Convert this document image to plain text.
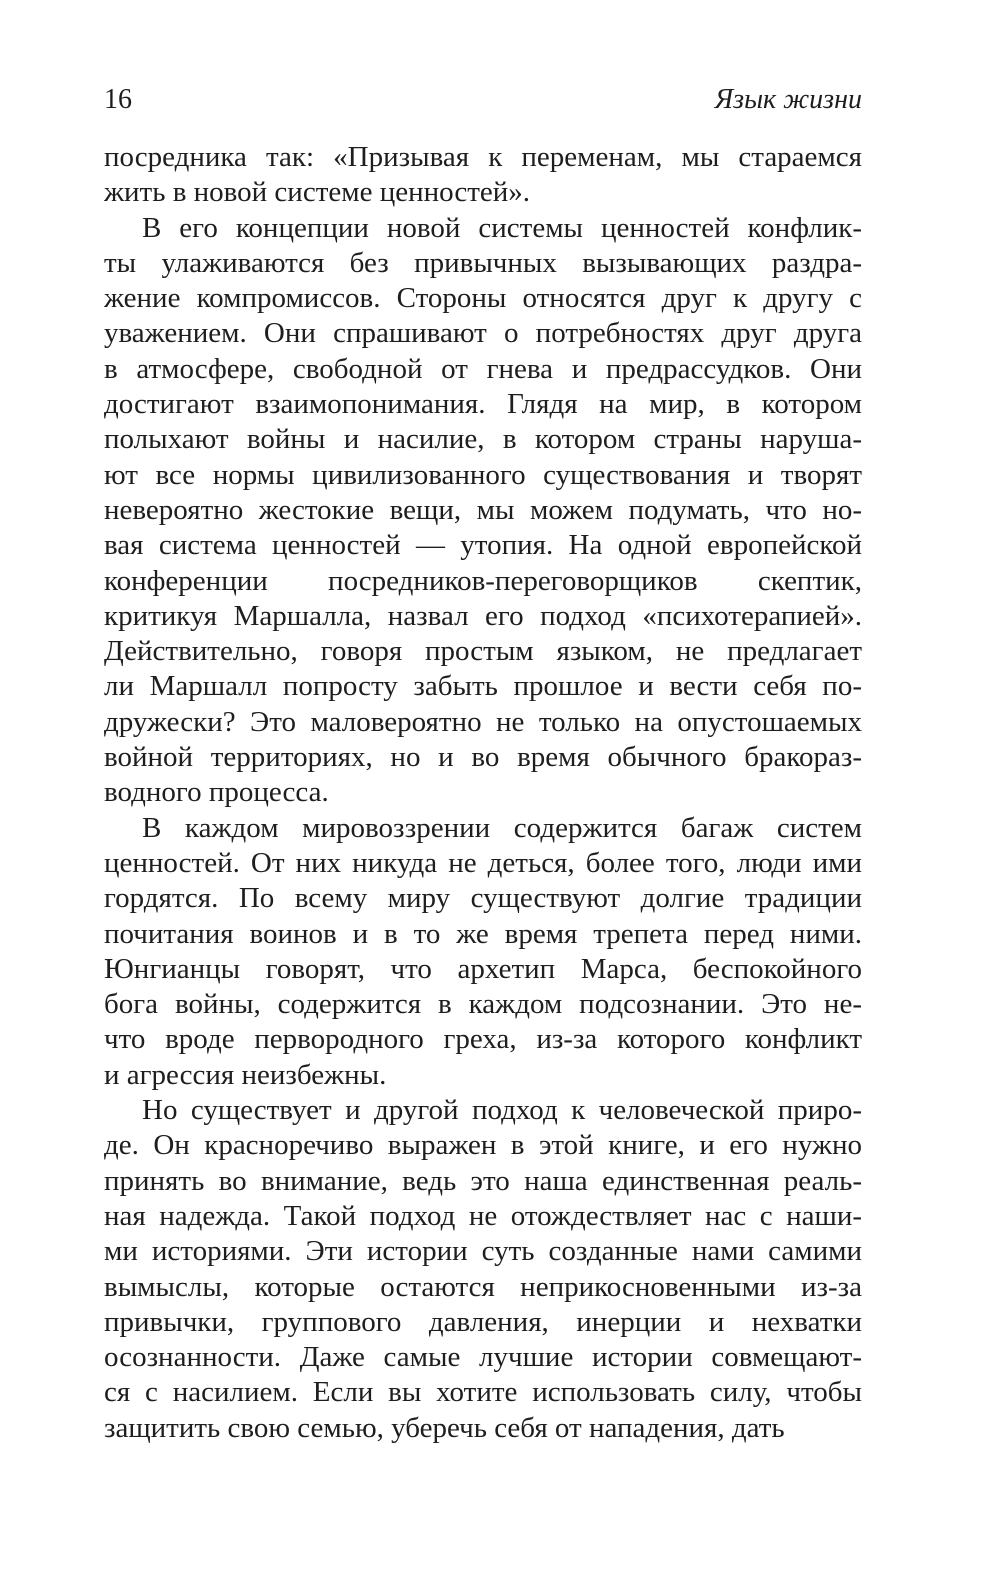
16	Язык жизни
посредника так: «Призывая к переменам, мы стараемся
жить в новой системе ценностей».
В его концепции новой системы ценностей конфлик-
ты улаживаются без привычных вызывающих раздра-
жение компромиссов. Стороны относятся друг к другу с
уважением. Они спрашивают о потребностях друг друга
в атмосфере, свободной от гнева и предрассудков. Они
достигают взаимопонимания. Глядя на мир, в котором
полыхают войны и насилие, в котором страны наруша-
ют все нормы цивилизованного существования и творят
невероятно жестокие вещи, мы можем подумать, что но-
вая система ценностей — утопия. На одной европейской
конференции посредников-переговорщиков скептик,
критикуя Маршалла, назвал его подход «психотерапией».
Действительно, говоря простым языком, не предлагает
ли Маршалл попросту забыть прошлое и вести себя по-
дружески? Это маловероятно не только на опустошаемых
войной территориях, но и во время обычного бракораз-
водного процесса.
В каждом мировоззрении содержится багаж систем
ценностей. От них никуда не деться, более того, люди ими
гордятся. По всему миру существуют долгие традиции
почитания воинов и в то же время трепета перед ними.
Юнгианцы говорят, что архетип Марса, беспокойного
бога войны, содержится в каждом подсознании. Это не-
что вроде первородного греха, из-за которого конфликт
и агрессия неизбежны.
Но существует и другой подход к человеческой приро-
де. Он красноречиво выражен в этой книге, и его нужно
принять во внимание, ведь это наша единственная реаль-
ная надежда. Такой подход не отождествляет нас с наши-
ми историями. Эти истории суть созданные нами самими
вымыслы, которые остаются неприкосновенными из-за
привычки, группового давления, инерции и нехватки
осознанности. Даже самые лучшие истории совмещают-
ся с насилием. Если вы хотите использовать силу, чтобы
защитить свою семью, уберечь себя от нападения, дать
